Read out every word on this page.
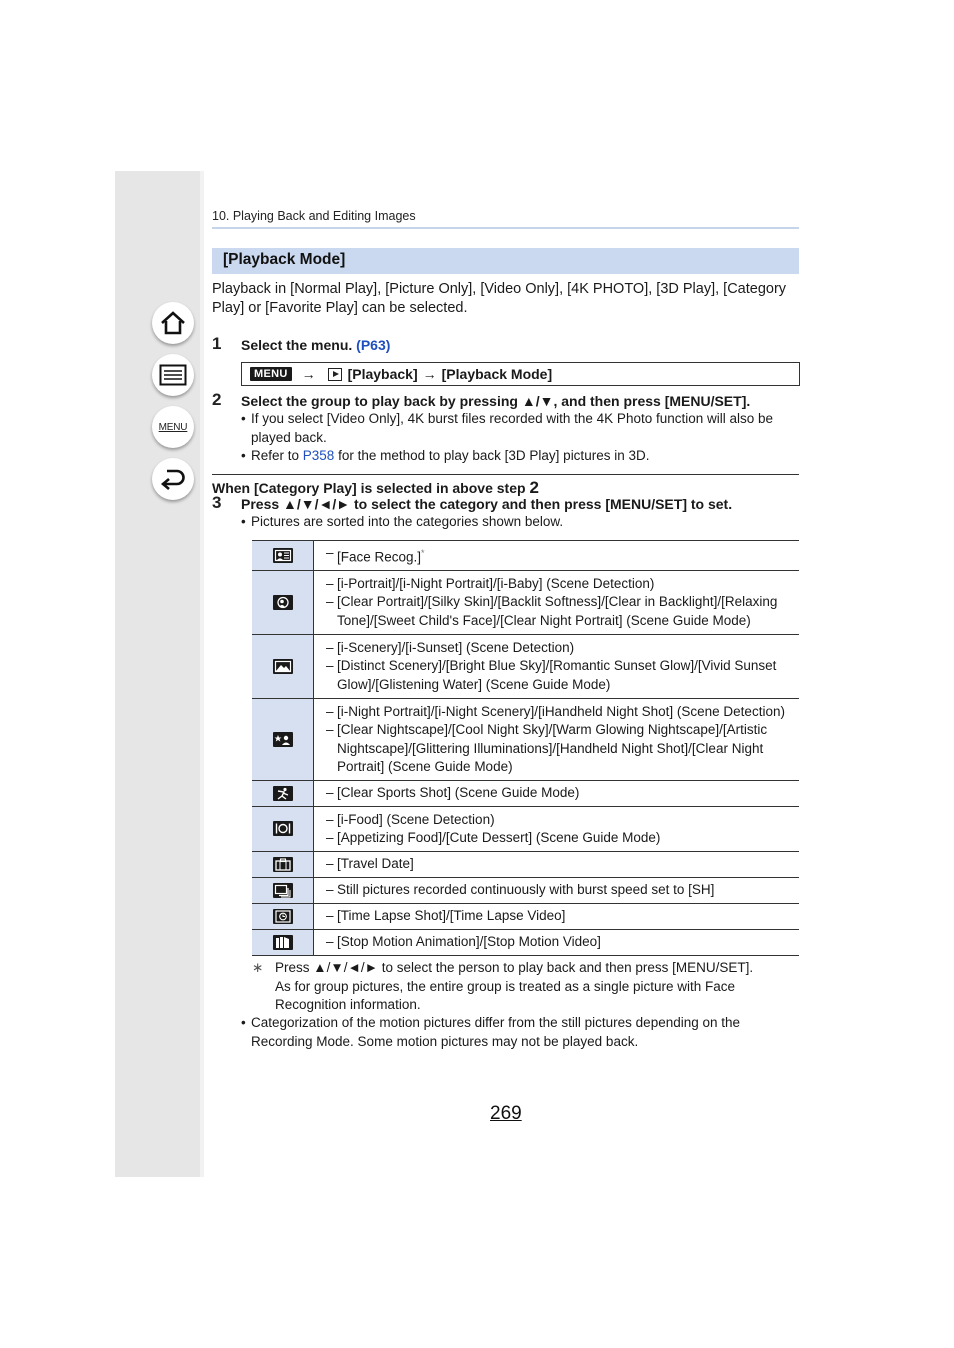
MENU
10. Playing Back and Editing Images
[Playback Mode]
Playback in [Normal Play], [Picture Only], [Video Only], [4K PHOTO], [3D Play], [Category
Play] or [Favorite Play] can be selected.
1 Select the menu. (P63)
MENU → [Playback] → [Playback Mode]
2 Select the group to play back by pressing ▲/▼, and then press [MENU/SET].
• If you select [Video Only], 4K burst files recorded with the 4K Photo function will also be
played back.
• Refer to P358 for the method to play back [3D Play] pictures in 3D.
When [Category Play] is selected in above step 2
3 Press ▲/▼/◄/► to select the category and then press [MENU/SET] to set.
• Pictures are sorted into the categories shown below.

– [Face Recog.]*

– [i-Portrait]/[i-Night Portrait]/[i-Baby] (Scene Detection)
– [Clear Portrait]/[Silky Skin]/[Backlit Softness]/[Clear in Backlight]/[Relaxing Tone]/[Sweet Child's Face]/[Clear Night Portrait] (Scene Guide Mode)

– [i-Scenery]/[i-Sunset] (Scene Detection)
– [Distinct Scenery]/[Bright Blue Sky]/[Romantic Sunset Glow]/[Vivid Sunset Glow]/[Glistening Water] (Scene Guide Mode)

– [i-Night Portrait]/[i-Night Scenery]/[iHandheld Night Shot] (Scene Detection)
– [Clear Nightscape]/[Cool Night Sky]/[Warm Glowing Nightscape]/[Artistic Nightscape]/[Glittering Illuminations]/[Handheld Night Shot]/[Clear Night Portrait] (Scene Guide Mode)

– [Clear Sports Shot] (Scene Guide Mode)

– [i-Food] (Scene Detection)
– [Appetizing Food]/[Cute Dessert] (Scene Guide Mode)

– [Travel Date]

– Still pictures recorded continuously with burst speed set to [SH]

– [Time Lapse Shot]/[Time Lapse Video]

– [Stop Motion Animation]/[Stop Motion Video]
∗ Press ▲/▼/◄/► to select the person to play back and then press [MENU/SET].
As for group pictures, the entire group is treated as a single picture with Face
Recognition information.
• Categorization of the motion pictures differ from the still pictures depending on the
Recording Mode. Some motion pictures may not be played back.
269
